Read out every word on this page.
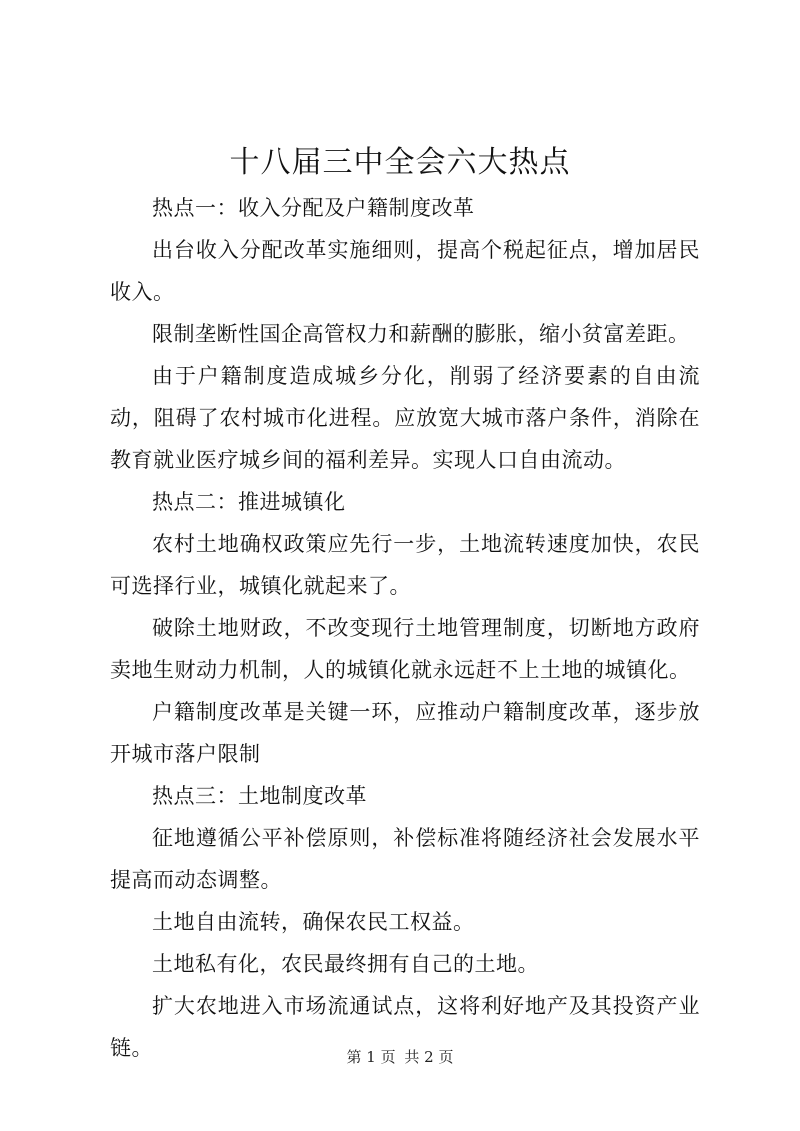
十八届三中全会六大热点

热点一：收入分配及户籍制度改革

出台收入分配改革实施细则，提高个税起征点，增加居民收入。

限制垄断性国企高管权力和薪酬的膨胀，缩小贫富差距。

由于户籍制度造成城乡分化，削弱了经济要素的自由流动，阻碍了农村城市化进程。应放宽大城市落户条件，消除在教育就业医疗城乡间的福利差异。实现人口自由流动。

热点二：推进城镇化

农村土地确权政策应先行一步，土地流转速度加快，农民可选择行业，城镇化就起来了。

破除土地财政，不改变现行土地管理制度，切断地方政府卖地生财动力机制，人的城镇化就永远赶不上土地的城镇化。

户籍制度改革是关键一环，应推动户籍制度改革，逐步放开城市落户限制

热点三：土地制度改革

征地遵循公平补偿原则，补偿标准将随经济社会发展水平提高而动态调整。

土地自由流转，确保农民工权益。

土地私有化，农民最终拥有自己的土地。

扩大农地进入市场流通试点，这将利好地产及其投资产业链。	第 1 页 共 2 页
